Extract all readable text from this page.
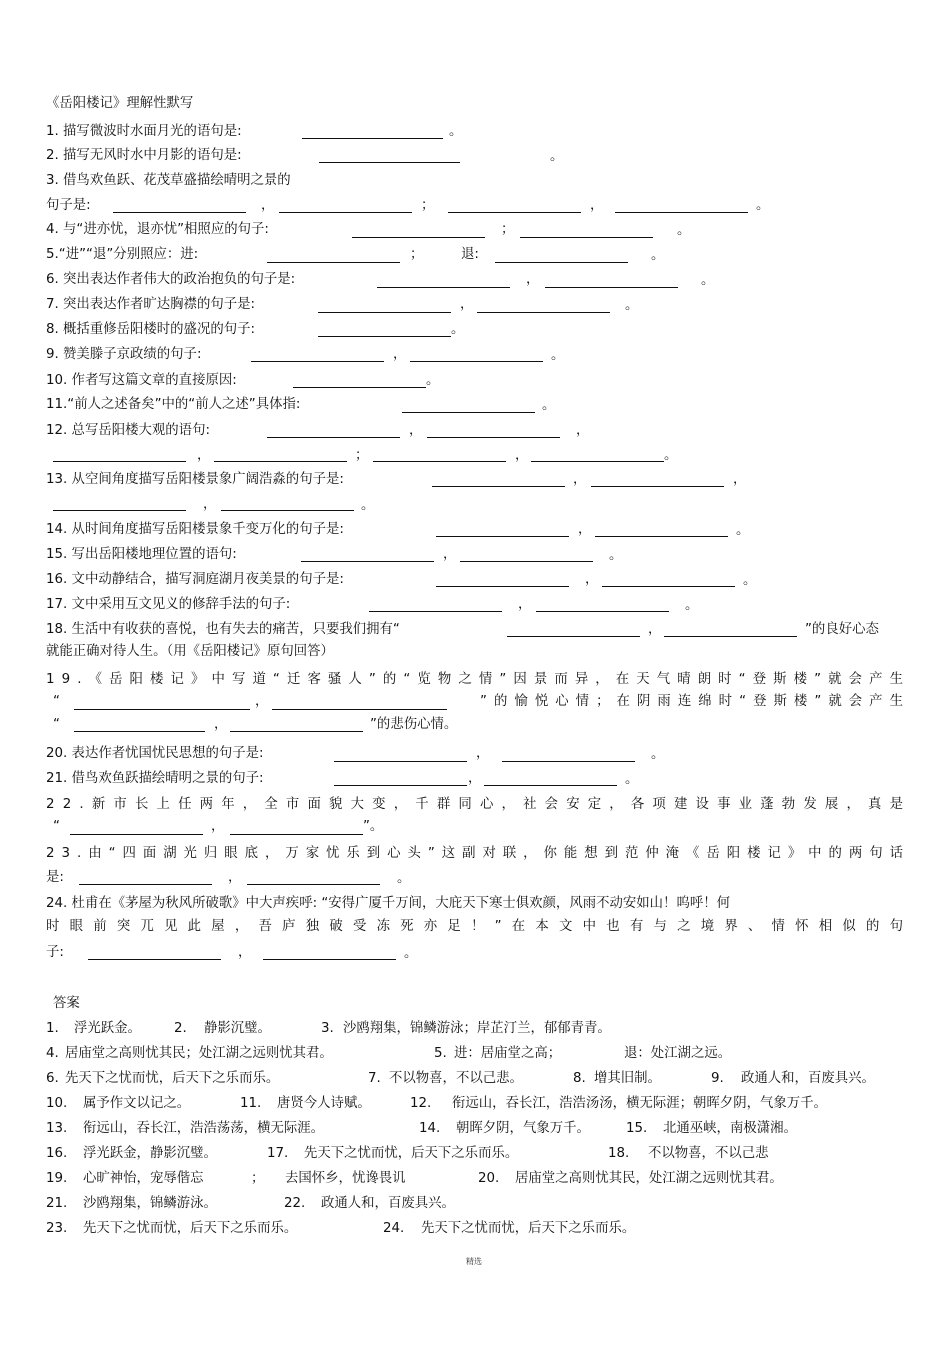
《岳阳楼记》理解性默写
1. 描写微波时水面月光的语句是:	。
2. 描写无风时水中月影的语句是:	。
3. 借鸟欢鱼跃、花茂草盛描绘晴明之景的
句子是:	，	；	，	。
4. 与“进亦忧，退亦忧”相照应的句子:	；	。
5.“进”“退”分别照应：进:	；	退:	。
6. 突出表达作者伟大的政治抱负的句子是:	，	。
7. 突出表达作者旷达胸襟的句子是:	，	。
8. 概括重修岳阳楼时的盛况的句子:	。
9. 赞美滕子京政绩的句子:	，	。
10. 作者写这篇文章的直接原因:	。
11.“前人之述备矣”中的“前人之述”具体指:	。
12. 总写岳阳楼大观的语句:	，	，
，	；	，	。
13. 从空间角度描写岳阳楼景象广阔浩淼的句子是:	，	，
，	。
14. 从时间角度描写岳阳楼景象千变万化的句子是:	，	。
15. 写出岳阳楼地理位置的语句:	，	。
16. 文中动静结合，描写洞庭湖月夜美景的句子是:	，	。
17. 文中采用互文见义的修辞手法的句子:	，	。
18. 生活中有收获的喜悦，也有失去的痛苦，只要我们拥有“	，	”的良好心态
就能正确对待人生。（用《岳阳楼记》原句回答）
1 9 . 《 岳 阳 楼 记 》 中 写 道 “ 迁 客 骚 人 ” 的 “ 览 物 之 情 ” 因 景 而 异 ， 在 天 气 晴 朗 时 “ 登 斯 楼 ” 就 会 产 生
“	，	” 的 愉 悦 心 情 ； 在 阴 雨 连 绵 时 “ 登 斯 楼 ” 就 会 产 生
“	，	”的悲伤心情。
20. 表达作者忧国忧民思想的句子是:	，	。
21. 借鸟欢鱼跃描绘晴明之景的句子:	，	。
2 2 . 新 市 长 上 任 两 年 ， 全 市 面 貌 大 变 ， 千 群 同 心 ， 社 会 安 定 ， 各 项 建 设 事 业 蓬 勃 发 展 ， 真 是
“	，	”。
2 3 . 由 “ 四 面 湖 光 归 眼 底 ， 万 家 忧 乐 到 心 头 ” 这 副 对 联 ， 你 能 想 到 范 仲 淹 《 岳 阳 楼 记 》 中 的 两 句 话
是:	，	。
24. 杜甫在《茅屋为秋风所破歌》中大声疾呼: “安得广厦千万间，大庇天下寒士俱欢颜，风雨不动安如山！呜呼！何
时 眼 前 突 兀 见 此 屋 ， 吾 庐 独 破 受 冻 死 亦 足 ！ ” 在 本 文 中 也 有 与 之 境 界 、 情 怀 相 似 的 句
子:	，	。
答案
1. 浮光跃金。 2. 静影沉璧。	3. 沙鸥翔集，锦鳞游泳；岸芷汀兰，郁郁青青。
4. 居庙堂之高则忧其民；处江湖之远则忧其君。	5. 进：居庙堂之高；	退：处江湖之远。
6. 先天下之忧而忧，后天下之乐而乐。	7. 不以物喜，不以己悲。	8. 增其旧制。	9. 政通人和，百废具兴。
10. 属予作文以记之。	11. 唐贤今人诗赋。	12. 衔远山，吞长江，浩浩汤汤，横无际涯；朝晖夕阴，气象万千。
13. 衔远山，吞长江，浩浩荡荡，横无际涯。	14. 朝晖夕阴，气象万千。	15. 北通巫峡，南极潇湘。
16. 浮光跃金，静影沉璧。	17. 先天下之忧而忧，后天下之乐而乐。	18. 不以物喜，不以己悲
19. 心旷神怡，宠辱偕忘	； 去国怀乡，忧谗畏讥	20. 居庙堂之高则忧其民，处江湖之远则忧其君。
21. 沙鸥翔集，锦鳞游泳。	22. 政通人和，百废具兴。
23. 先天下之忧而忧，后天下之乐而乐。	24. 先天下之忧而忧，后天下之乐而乐。
精选
